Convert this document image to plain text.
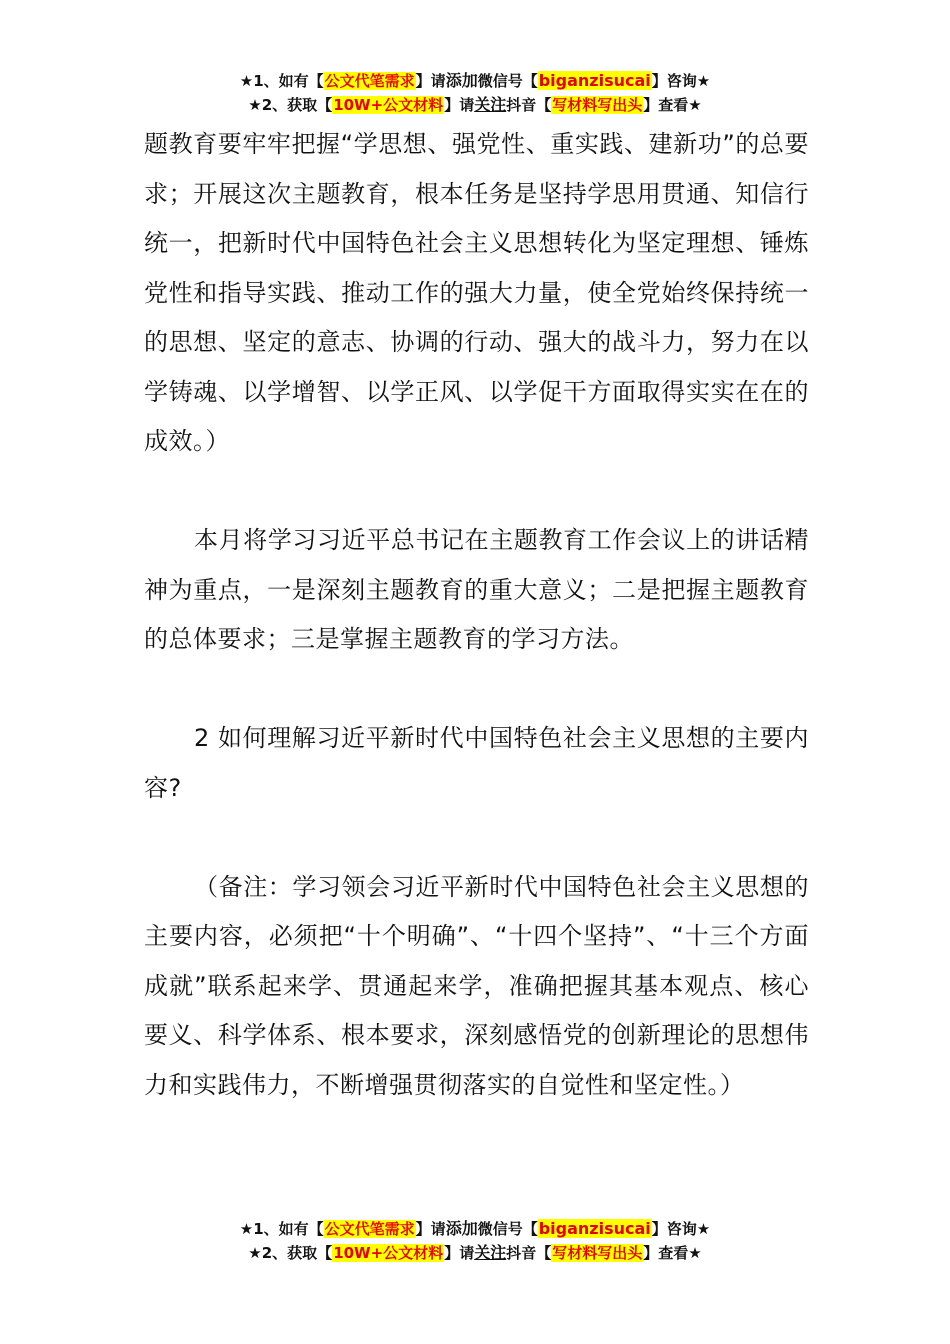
★1、如有【公文代笔需求】请添加微信号【biganzisucai】咨询★
★2、获取【10W+公文材料】请关注抖音【写材料写出头】查看★

题教育要牢牢把握“学思想、强党性、重实践、建新功”的总要求；开展这次主题教育，根本任务是坚持学思用贯通、知信行统一，把新时代中国特色社会主义思想转化为坚定理想、锤炼党性和指导实践、推动工作的强大力量，使全党始终保持统一的思想、坚定的意志、协调的行动、强大的战斗力，努力在以学铸魂、以学增智、以学正风、以学促干方面取得实实在在的成效。）

本月将学习习近平总书记在主题教育工作会议上的讲话精神为重点，一是深刻主题教育的重大意义；二是把握主题教育的总体要求；三是掌握主题教育的学习方法。

2 如何理解习近平新时代中国特色社会主义思想的主要内容?

（备注：学习领会习近平新时代中国特色社会主义思想的主要内容，必须把“十个明确”、“十四个坚持”、“十三个方面成就”联系起来学、贯通起来学，准确把握其基本观点、核心要义、科学体系、根本要求，深刻感悟党的创新理论的思想伟力和实践伟力，不断增强贯彻落实的自觉性和坚定性。）

★1、如有【公文代笔需求】请添加微信号【biganzisucai】咨询★
★2、获取【10W+公文材料】请关注抖音【写材料写出头】查看★
